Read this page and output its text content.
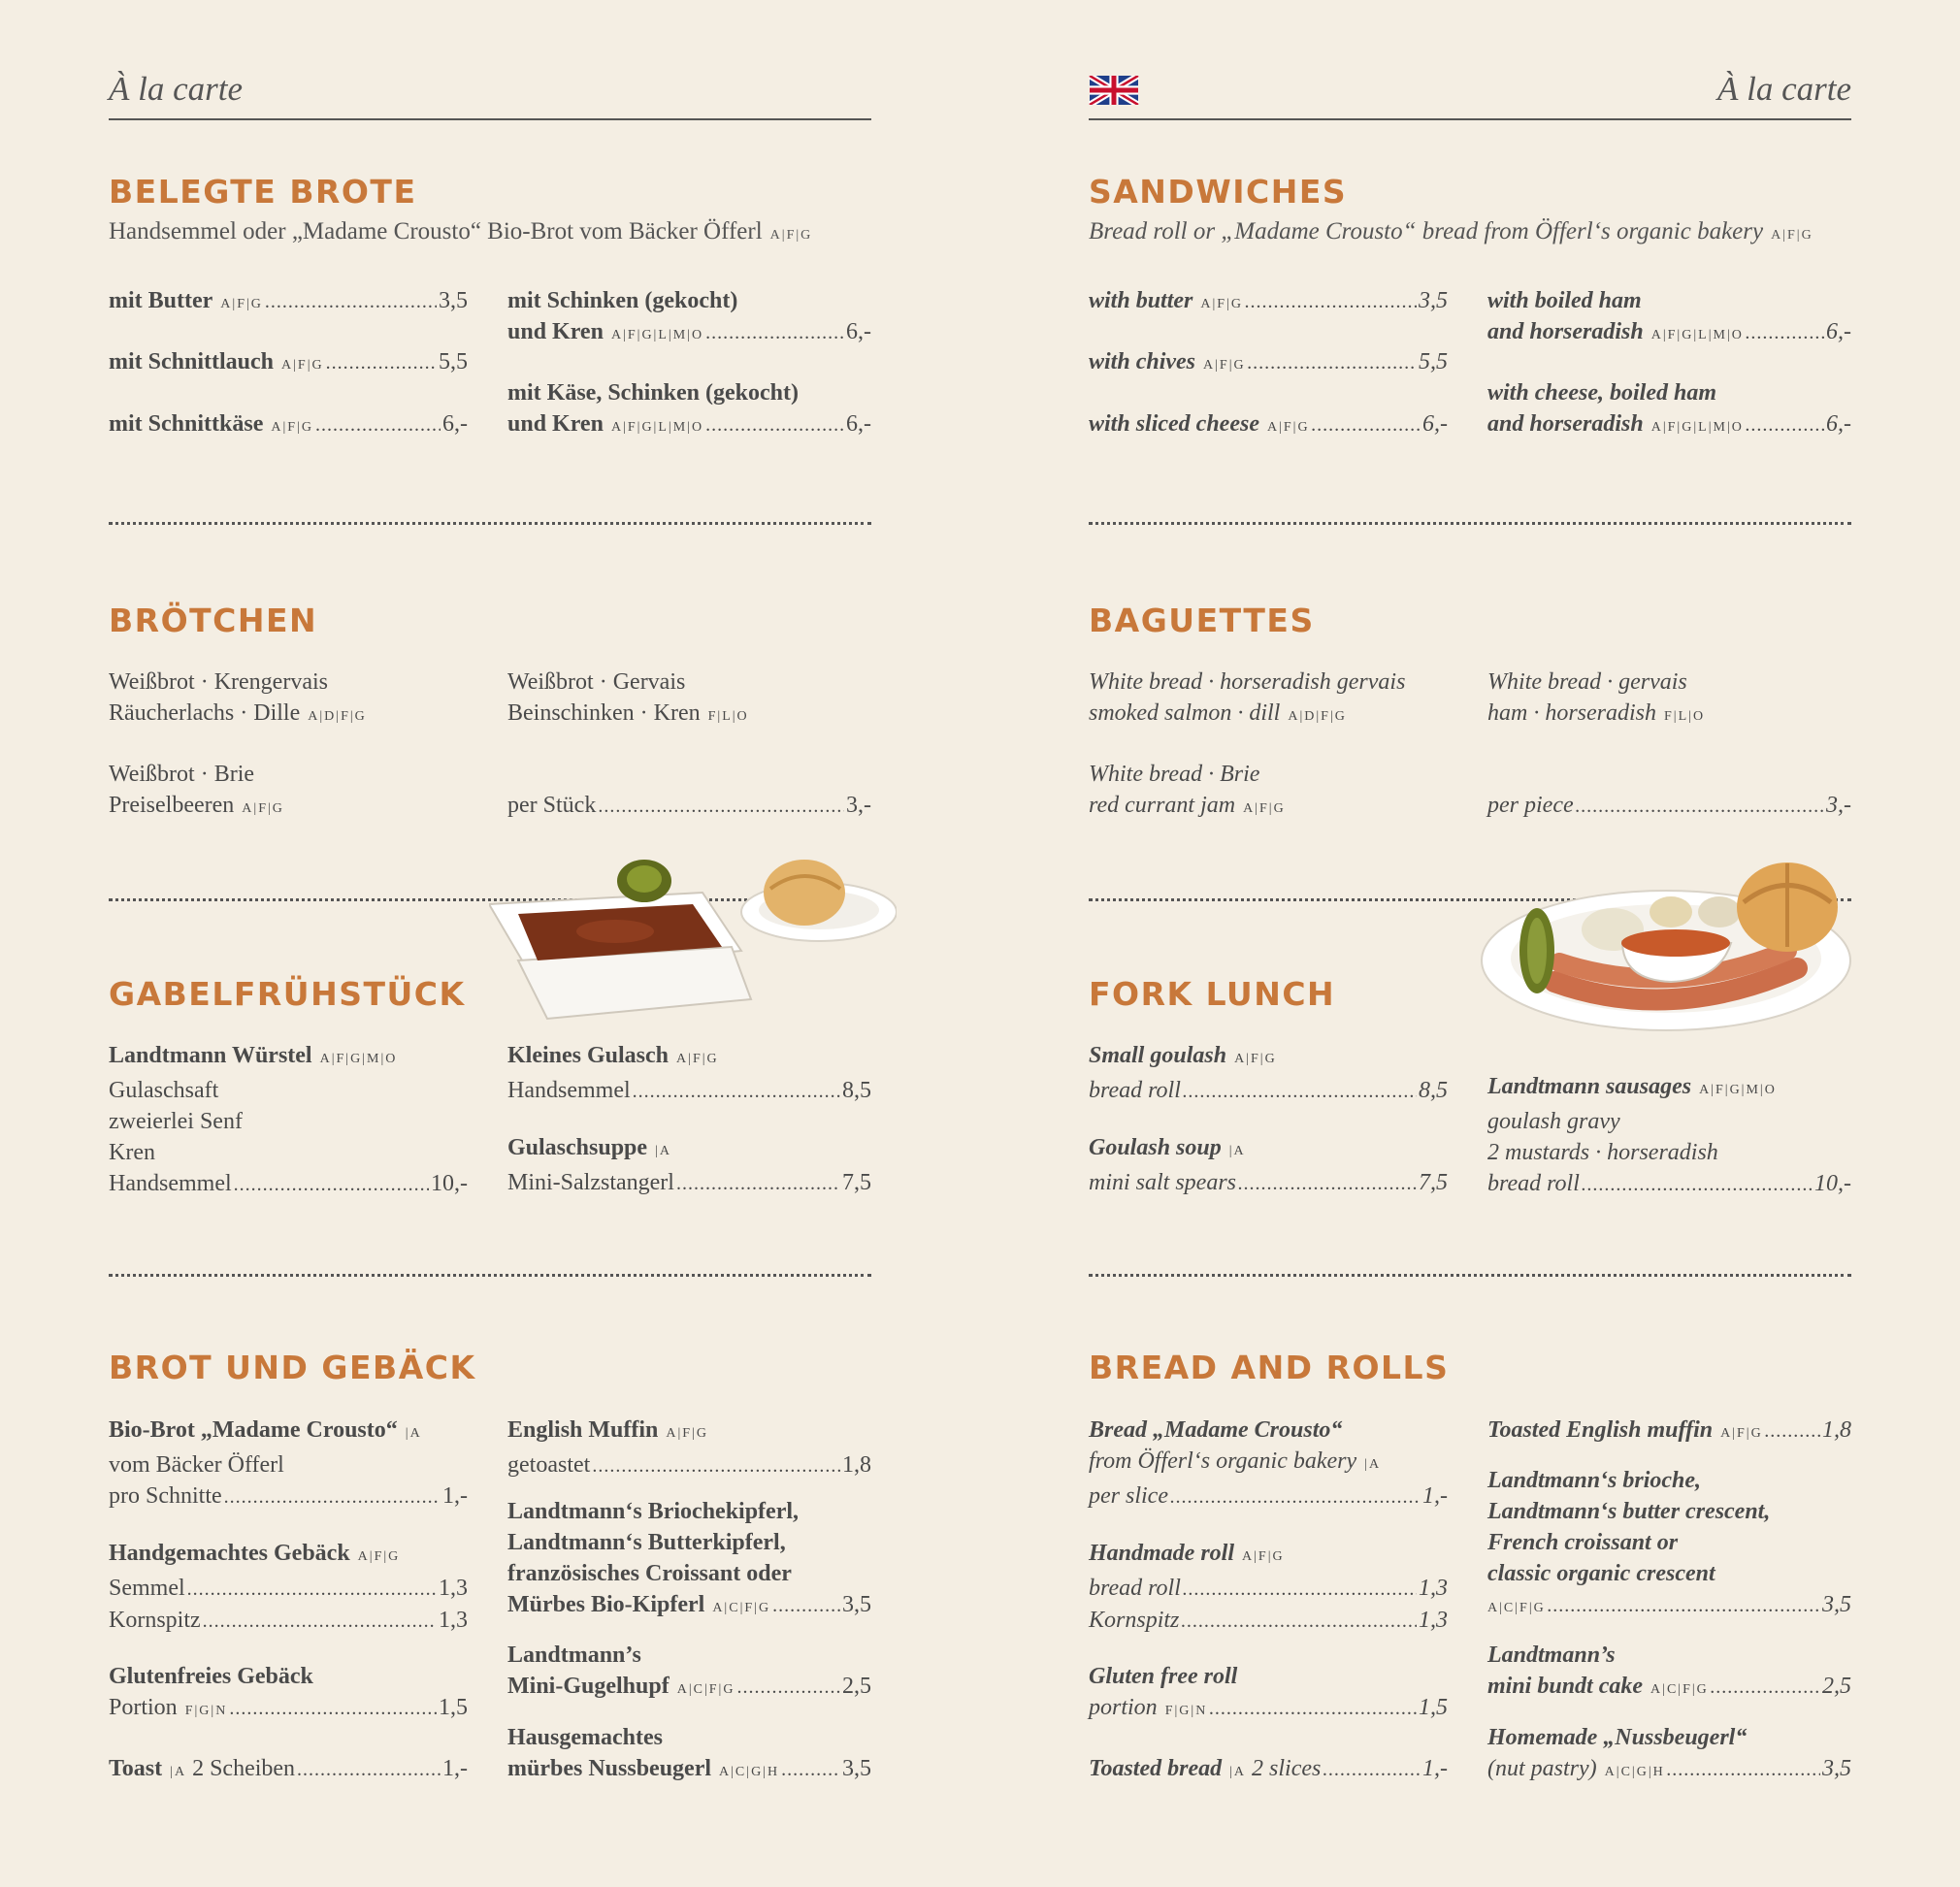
À la carte
BELEGTE BROTE
Handsemmel oder „Madame Crousto“ Bio-Brot vom Bäcker Öfferl A|F|G
mit Butter A|F|G .....	3,5
mit Schnittlauch A|F|G .....	5,5
mit Schnittkäse A|F|G .....	6,-
mit Schinken (gekocht)
und Kren A|F|G|L|M|O .....	6,-
mit Käse, Schinken (gekocht)
und Kren A|F|G|L|M|O .....	6,-
BRÖTCHEN
Weißbrot · Krengervais
Räucherlachs · Dille A|D|F|G
Weißbrot · Brie
Preiselbeeren A|F|G
Weißbrot · Gervais
Beinschinken · Kren F|L|O
per Stück .....	3,-
GABELFRÜHSTÜCK
Landtmann Würstel A|F|G|M|O
Gulaschsaft
zweierlei Senf
Kren
Handsemmel .....	10,-
Kleines Gulasch A|F|G
Handsemmel .....	8,5
Gulaschsuppe |A
Mini-Salzstangerl .....	7,5
BROT UND GEBÄCK
Bio-Brot „Madame Crousto“ |A
vom Bäcker Öfferl
pro Schnitte .....	1,-
Handgemachtes Gebäck A|F|G
Semmel .....	1,3
Kornspitz .....	1,3
Glutenfreies Gebäck
Portion F|G|N .....	1,5
Toast |A 2 Scheiben .....	1,-
English Muffin A|F|G
getoastet .....	1,8
Landtmann‘s Briochekipferl,
Landtmann‘s Butterkipferl,
französisches Croissant oder
Mürbes Bio-Kipferl A|C|F|G .....	3,5
Landtmann’s
Mini-Gugelhupf A|C|F|G .....	2,5
Hausgemachtes
mürbes Nussbeugerl A|C|G|H .....	3,5
À la carte
SANDWICHES
Bread roll or „Madame Crousto“ bread from Öfferl‘s organic bakery A|F|G
with butter A|F|G .....	3,5
with chives A|F|G .....	5,5
with sliced cheese A|F|G .....	6,-
with boiled ham
and horseradish A|F|G|L|M|O .....	6,-
with cheese, boiled ham
and horseradish A|F|G|L|M|O .....	6,-
BAGUETTES
White bread · horseradish gervais
smoked salmon · dill A|D|F|G
White bread · Brie
red currant jam A|F|G
White bread · gervais
ham · horseradish F|L|O
per piece .....	3,-
FORK LUNCH
Small goulash A|F|G
bread roll .....	8,5
Goulash soup |A
mini salt spears .....	7,5
Landtmann sausages A|F|G|M|O
goulash gravy
2 mustards · horseradish
bread roll .....	10,-
BREAD AND ROLLS
Bread „Madame Crousto“
from Öfferl‘s organic bakery |A
per slice .....	1,-
Handmade roll A|F|G
bread roll .....	1,3
Kornspitz .....	1,3
Gluten free roll
portion F|G|N .....	1,5
Toasted bread |A 2 slices .....	1,-
Toasted English muffin A|F|G .....	1,8
Landtmann‘s brioche,
Landtmann‘s butter crescent,
French croissant or
classic organic crescent
A|C|F|G .....	3,5
Landtmann’s
mini bundt cake A|C|F|G .....	2,5
Homemade „Nussbeugerl“
(nut pastry) A|C|G|H .....	3,5
